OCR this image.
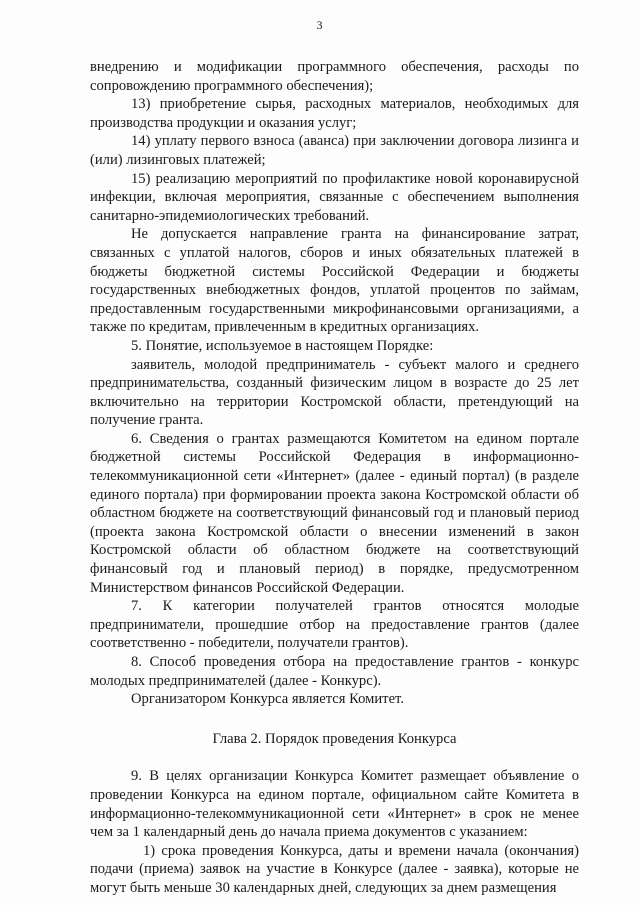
3

внедрению и модификации программного обеспечения, расходы по сопровождению программного обеспечения);

13) приобретение сырья, расходных материалов, необходимых для производства продукции и оказания услуг;

14) уплату первого взноса (аванса) при заключении договора лизинга и (или) лизинговых платежей;

15) реализацию мероприятий по профилактике новой коронавирусной инфекции, включая мероприятия, связанные с обеспечением выполнения санитарно-эпидемиологических требований.

Не допускается направление гранта на финансирование затрат, связанных с уплатой налогов, сборов и иных обязательных платежей в бюджеты бюджетной системы Российской Федерации и бюджеты государственных внебюджетных фондов, уплатой процентов по займам, предоставленным государственными микрофинансовыми организациями, а также по кредитам, привлеченным в кредитных организациях.

5. Понятие, используемое в настоящем Порядке:

заявитель, молодой предприниматель - субъект малого и среднего предпринимательства, созданный физическим лицом в возрасте до 25 лет включительно на территории Костромской области, претендующий на получение гранта.

6. Сведения о грантах размещаются Комитетом на едином портале бюджетной системы Российской Федерация в информационно-телекоммуникационной сети «Интернет» (далее - единый портал) (в разделе единого портала) при формировании проекта закона Костромской области об областном бюджете на соответствующий финансовый год и плановый период (проекта закона Костромской области о внесении изменений в закон Костромской области об областном бюджете на соответствующий финансовый год и плановый период) в порядке, предусмотренном Министерством финансов Российской Федерации.

7. К категории получателей грантов относятся молодые предприниматели, прошедшие отбор на предоставление грантов (далее соответственно - победители, получатели грантов).

8. Способ проведения отбора на предоставление грантов - конкурс молодых предпринимателей (далее - Конкурс).

Организатором Конкурса является Комитет.

Глава 2. Порядок проведения Конкурса

9. В целях организации Конкурса Комитет размещает объявление о проведении Конкурса на едином портале, официальном сайте Комитета в информационно-телекоммуникационной сети «Интернет» в срок не менее чем за 1 календарный день до начала приема документов с указанием:

1) срока проведения Конкурса, даты и времени начала (окончания) подачи (приема) заявок на участие в Конкурсе (далее - заявка), которые не могут быть меньше 30 календарных дней, следующих за днем размещения
